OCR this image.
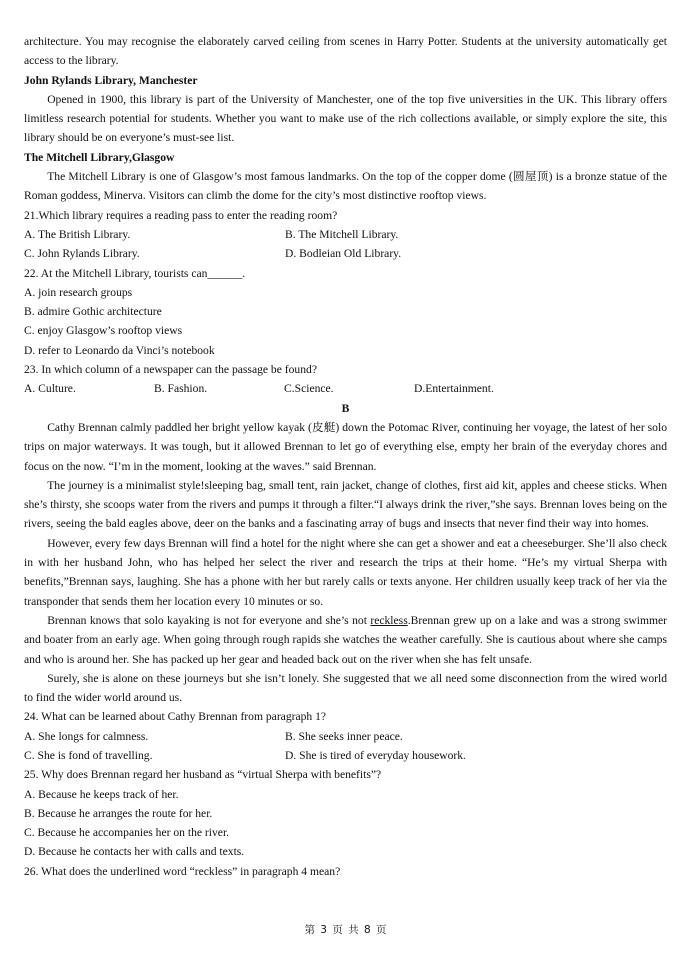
architecture. You may recognise the elaborately carved ceiling from scenes in Harry Potter. Students at the university automatically get access to the library.

John Rylands Library, Manchester

Opened in 1900, this library is part of the University of Manchester, one of the top five universities in the UK. This library offers limitless research potential for students. Whether you want to make use of the rich collections available, or simply explore the site, this library should be on everyone’s must-see list.

The Mitchell Library,Glasgow

The Mitchell Library is one of Glasgow’s most famous landmarks. On the top of the copper dome (圆屋顶) is a bronze statue of the Roman goddess, Minerva. Visitors can climb the dome for the city’s most distinctive rooftop views.

21.Which library requires a reading pass to enter the reading room?

A. The British Library.	B. The Mitchell Library.
C. John Rylands Library.	D. Bodleian Old Library.

22. At the Mitchell Library, tourists can______.

A. join research groups

B. admire Gothic architecture

C. enjoy Glasgow’s rooftop views

D. refer to Leonardo da Vinci’s notebook

23. In which column of a newspaper can the passage be found?

A. Culture.	B. Fashion.	C.Science.	D.Entertainment.

B

Cathy Brennan calmly paddled her bright yellow kayak (皮艇) down the Potomac River, continuing her voyage, the latest of her solo trips on major waterways. It was tough, but it allowed Brennan to let go of everything else, empty her brain of the everyday chores and focus on the now. “I’m in the moment, looking at the waves.” said Brennan.

The journey is a minimalist style!sleeping bag, small tent, rain jacket, change of clothes, first aid kit, apples and cheese sticks. When she’s thirsty, she scoops water from the rivers and pumps it through a filter.“I always drink the river,”she says. Brennan loves being on the rivers, seeing the bald eagles above, deer on the banks and a fascinating array of bugs and insects that never find their way into homes.

However, every few days Brennan will find a hotel for the night where she can get a shower and eat a cheeseburger. She’ll also check in with her husband John, who has helped her select the river and research the trips at their home. “He’s my virtual Sherpa with benefits,”Brennan says, laughing. She has a phone with her but rarely calls or texts anyone. Her children usually keep track of her via the transponder that sends them her location every 10 minutes or so.

Brennan knows that solo kayaking is not for everyone and she’s not reckless.Brennan grew up on a lake and was a strong swimmer and boater from an early age. When going through rough rapids she watches the weather carefully. She is cautious about where she camps and who is around her. She has packed up her gear and headed back out on the river when she has felt unsafe.

Surely, she is alone on these journeys but she isn’t lonely. She suggested that we all need some disconnection from the wired world to find the wider world around us.

24. What can be learned about Cathy Brennan from paragraph 1?

A. She longs for calmness.	B. She seeks inner peace.
C. She is fond of travelling.	D. She is tired of everyday housework.

25. Why does Brennan regard her husband as “virtual Sherpa with benefits”?

A. Because he keeps track of her.

B. Because he arranges the route for her.

C. Because he accompanies her on the river.

D. Because he contacts her with calls and texts.

26. What does the underlined word “reckless” in paragraph 4 mean?

第 3 页 共 8 页
